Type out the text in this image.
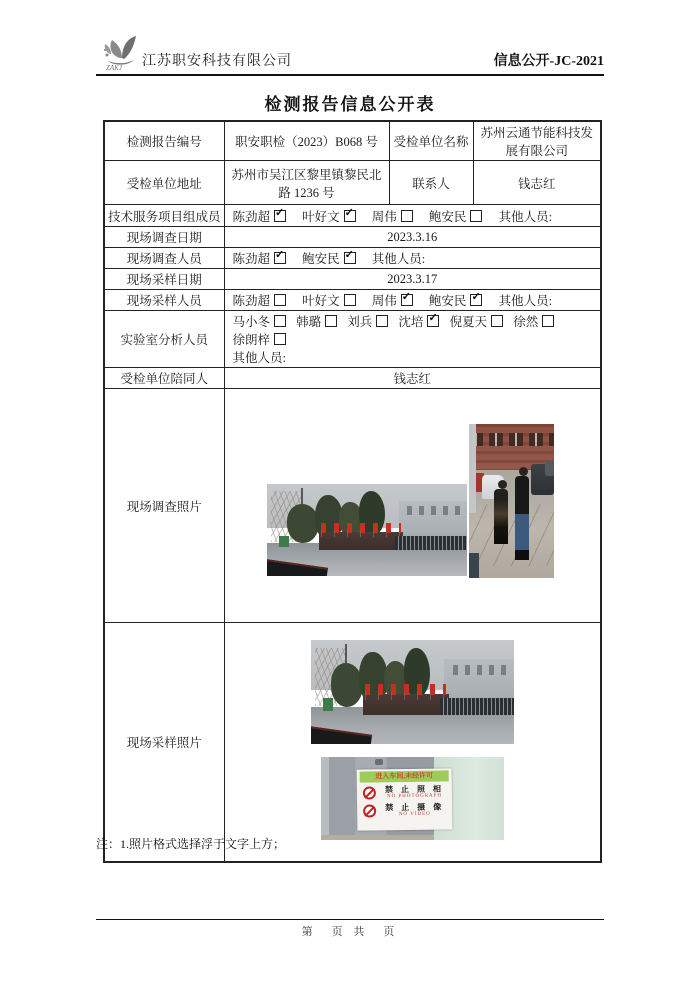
ZAKJ 江苏职安科技有限公司	信息公开-JC-2021
检测报告信息公开表
检测报告编号	职安职检（2023）B068 号	受检单位名称	苏州云通节能科技发展有限公司
受检单位地址	苏州市吴江区黎里镇黎民北路 1236 号	联系人	钱志红
技术服务项目组成员	陈劲超 ✓ 叶好文 ✓ 周伟 鲍安民 其他人员:
现场调查日期	2023.3.16		
现场调查人员	陈劲超 ✓ 鲍安民 ✓ 其他人员:
现场采样日期	2023.3.17		
现场采样人员	陈劲超 叶好文 周伟 ✓ 鲍安民 ✓ 其他人员:
实验室分析人员	马小冬 韩璐 刘兵 沈培 ✓ 倪夏天 徐然 徐朗梓
其他人员:

受检单位陪同人	钱志红		
现场调查照片			

现场采样照片	进入车间,未经许可
禁 止 照 相
NO PHOTOGRAPH
禁 止 摄 像
NO VIDEO		
注：1.照片格式选择浮于文字上方；
第　页 共　页
